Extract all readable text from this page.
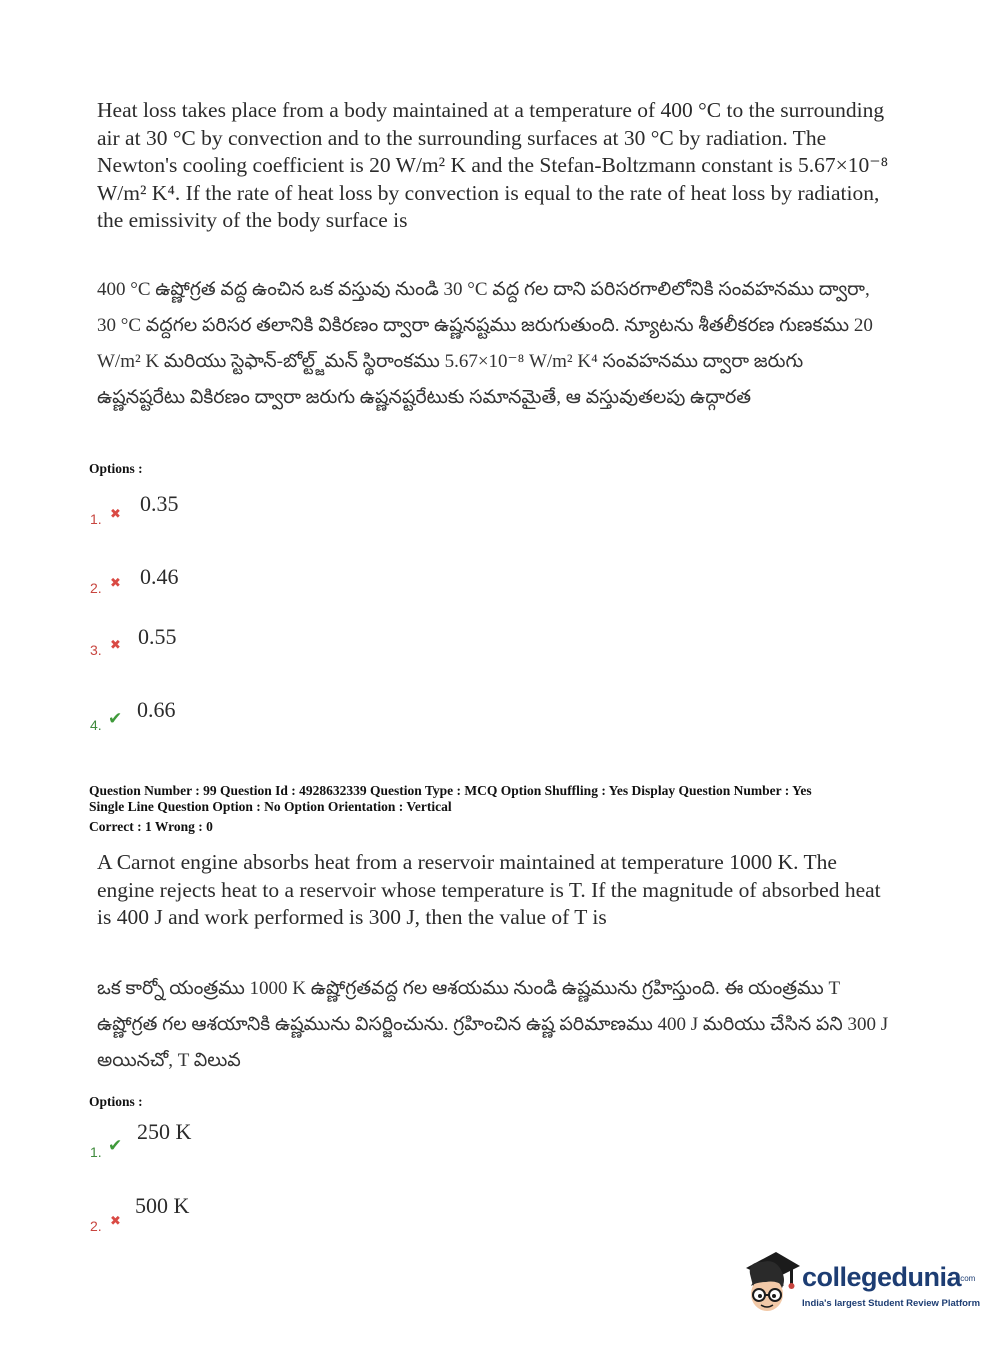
Heat loss takes place from a body maintained at a temperature of 400 °C to the surrounding air at 30 °C by convection and to the surrounding surfaces at 30 °C by radiation. The Newton's cooling coefficient is 20 W/m² K and the Stefan-Boltzmann constant is 5.67×10⁻⁸ W/m² K⁴. If the rate of heat loss by convection is equal to the rate of heat loss by radiation, the emissivity of the body surface is
400 °C ఉష్ణోగ్రత వద్ద ఉంచిన ఒక వస్తువు నుండి 30 °C వద్ద గల దాని పరిసరగాలిలోనికి సంవహనము ద్వారా, 30 °C వద్దగల పరిసర తలానికి వికిరణం ద్వారా ఉష్ణనష్టము జరుగుతుంది. న్యూటను శీతలీకరణ గుణకము 20 W/m² K మరియు స్టెఫాన్-బోల్ట్జ్‌మన్ స్థిరాంకము 5.67×10⁻⁸ W/m² K⁴ సంవహనము ద్వారా జరుగు ఉష్ణనష్టరేటు వికిరణం ద్వారా జరుగు ఉష్ణనష్టరేటుకు సమానమైతే, ఆ వస్తువుతలపు ఉద్గారత
Options :
1. ✖ 0.35
2. ✖ 0.46
3. ✖ 0.55
4. ✔ 0.66
Question Number : 99 Question Id : 4928632339 Question Type : MCQ Option Shuffling : Yes Display Question Number : Yes
Single Line Question Option : No Option Orientation : Vertical
Correct : 1 Wrong : 0
A Carnot engine absorbs heat from a reservoir maintained at temperature 1000 K. The engine rejects heat to a reservoir whose temperature is T. If the magnitude of absorbed heat is 400 J and work performed is 300 J, then the value of T is
ఒక కార్నో యంత్రము 1000 K ఉష్ణోగ్రతవద్ద గల ఆశయము నుండి ఉష్ణమును గ్రహిస్తుంది. ఈ యంత్రము T ఉష్ణోగ్రత గల ఆశయానికి ఉష్ణమును విసర్జించును. గ్రహించిన ఉష్ణ పరిమాణము 400 J మరియు చేసిన పని 300 J అయినచో, T విలువ
Options :
1. ✔
250 K
2. ✖
500 K
collegedunia
.com
India's largest Student Review Platform
